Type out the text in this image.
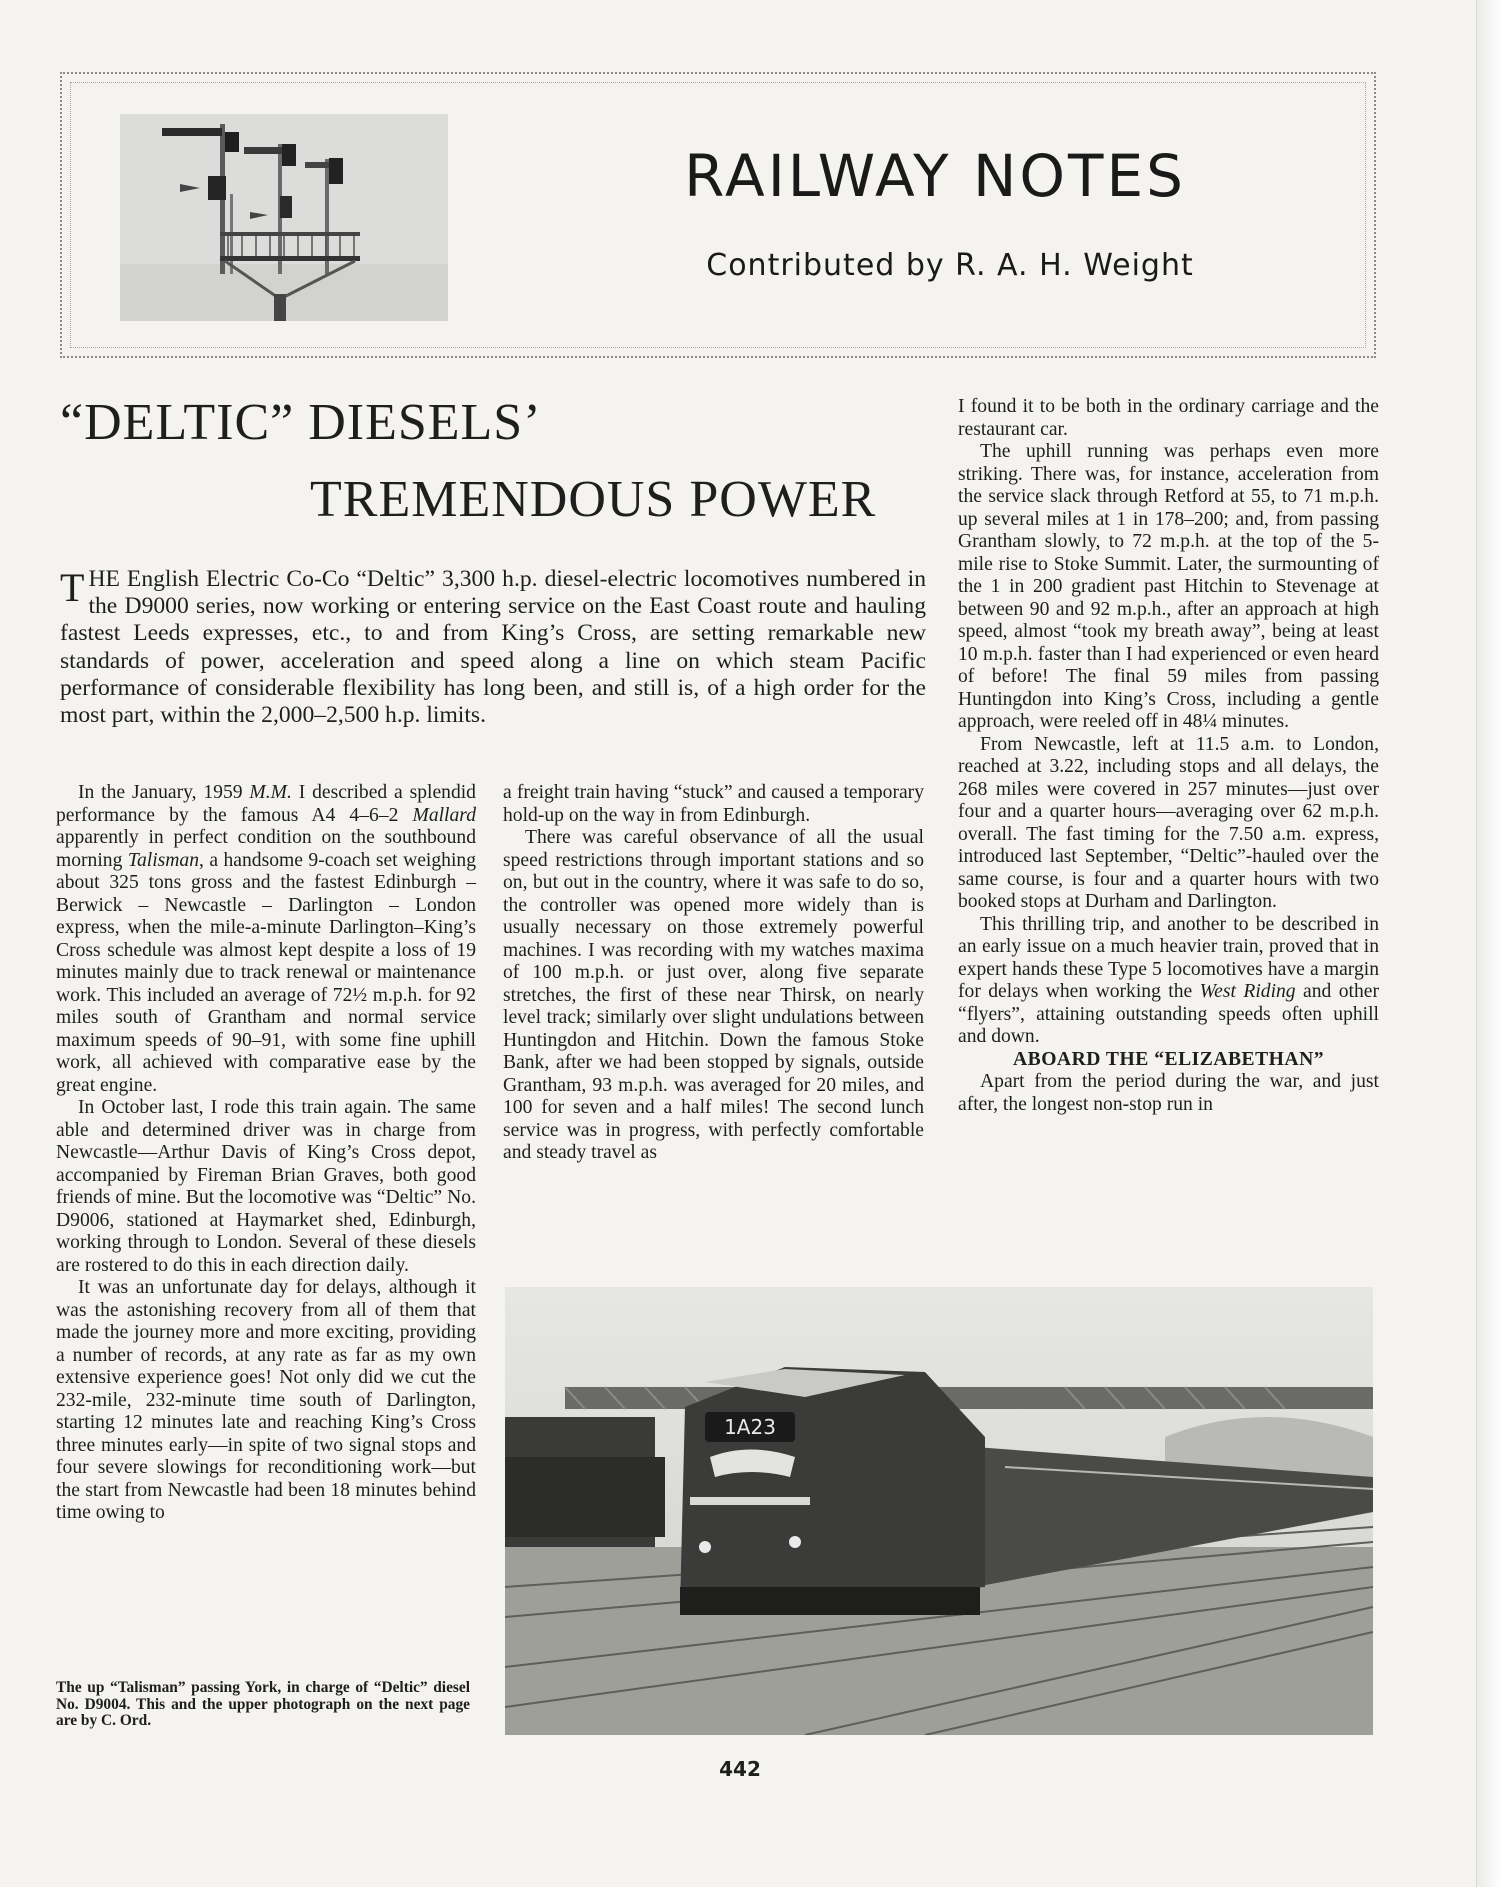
RAILWAY NOTES
Contributed by R. A. H. Weight
“DELTIC” DIESELS’
TREMENDOUS POWER

THE English Electric Co-Co “Deltic” 3,300 h.p. diesel-electric locomotives numbered in the D9000 series, now working or entering service on the East Coast route and hauling fastest Leeds expresses, etc., to and from King’s Cross, are setting remarkable new standards of power, acceleration and speed along a line on which steam Pacific performance of considerable flexibility has long been, and still is, of a high order for the most part, within the 2,000–2,500 h.p. limits.

In the January, 1959 M.M. I described a splendid performance by the famous A4 4–6–2 Mallard apparently in perfect condition on the southbound morning Talisman, a handsome 9-coach set weighing about 325 tons gross and the fastest Edinburgh – Berwick – Newcastle – Darlington – London express, when the mile-a-minute Darlington–King’s Cross schedule was almost kept despite a loss of 19 minutes mainly due to track renewal or maintenance work. This included an average of 72½ m.p.h. for 92 miles south of Grantham and normal service maximum speeds of 90–91, with some fine uphill work, all achieved with comparative ease by the great engine.

In October last, I rode this train again. The same able and determined driver was in charge from Newcastle—Arthur Davis of King’s Cross depot, accompanied by Fireman Brian Graves, both good friends of mine. But the locomotive was “Deltic” No. D9006, stationed at Haymarket shed, Edinburgh, working through to London. Several of these diesels are rostered to do this in each direction daily.

It was an unfortunate day for delays, although it was the astonishing recovery from all of them that made the journey more and more exciting, providing a number of records, at any rate as far as my own extensive experience goes! Not only did we cut the 232-mile, 232-minute time south of Darlington, starting 12 minutes late and reaching King’s Cross three minutes early—in spite of two signal stops and four severe slowings for reconditioning work—but the start from Newcastle had been 18 minutes behind time owing to

a freight train having “stuck” and caused a temporary hold-up on the way in from Edinburgh.

There was careful observance of all the usual speed restrictions through important stations and so on, but out in the country, where it was safe to do so, the controller was opened more widely than is usually necessary on those extremely powerful machines. I was recording with my watches maxima of 100 m.p.h. or just over, along five separate stretches, the first of these near Thirsk, on nearly level track; similarly over slight undulations between Huntingdon and Hitchin. Down the famous Stoke Bank, after we had been stopped by signals, outside Grantham, 93 m.p.h. was averaged for 20 miles, and 100 for seven and a half miles! The second lunch service was in progress, with perfectly comfortable and steady travel as

I found it to be both in the ordinary carriage and the restaurant car.

The uphill running was perhaps even more striking. There was, for instance, acceleration from the service slack through Retford at 55, to 71 m.p.h. up several miles at 1 in 178–200; and, from passing Grantham slowly, to 72 m.p.h. at the top of the 5-mile rise to Stoke Summit. Later, the surmounting of the 1 in 200 gradient past Hitchin to Stevenage at between 90 and 92 m.p.h., after an approach at high speed, almost “took my breath away”, being at least 10 m.p.h. faster than I had experienced or even heard of before! The final 59 miles from passing Huntingdon into King’s Cross, including a gentle approach, were reeled off in 48¼ minutes.

From Newcastle, left at 11.5 a.m. to London, reached at 3.22, including stops and all delays, the 268 miles were covered in 257 minutes—just over four and a quarter hours—averaging over 62 m.p.h. overall. The fast timing for the 7.50 a.m. express, introduced last September, “Deltic”-hauled over the same course, is four and a quarter hours with two booked stops at Durham and Darlington.

This thrilling trip, and another to be described in an early issue on a much heavier train, proved that in expert hands these Type 5 locomotives have a margin for delays when working the West Riding and other “flyers”, attaining outstanding speeds often uphill and down.

ABOARD THE “ELIZABETHAN”

Apart from the period during the war, and just after, the longest non-stop run in

1A23
The up “Talisman” passing York, in charge of “Deltic” diesel No. D9004. This and the upper photograph on the next page are by C. Ord.
442
